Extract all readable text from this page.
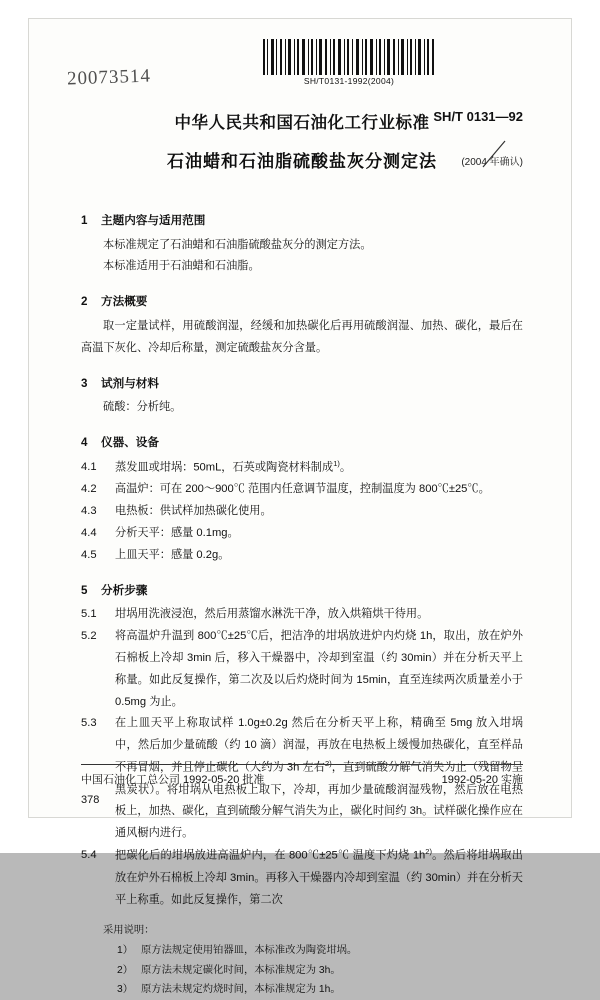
SH/T0131-1992(2004)
20073514
中华人民共和国石油化工行业标准 SH/T 0131—92
石油蜡和石油脂硫酸盐灰分测定法	(2004 年确认)
1 主题内容与适用范围

本标准规定了石油蜡和石油脂硫酸盐灰分的测定方法。

本标准适用于石油蜡和石油脂。

2 方法概要

取一定量试样，用硫酸润湿，经缓和加热碳化后再用硫酸润湿、加热、碳化，最后在高温下灰化、冷却后称量，测定硫酸盐灰分含量。

3 试剂与材料

硫酸：分析纯。

4 仪器、设备
4.1	蒸发皿或坩埚：50mL，石英或陶瓷材料制成$^{1)}$。
4.2	高温炉：可在 200～900℃ 范围内任意调节温度，控制温度为 800℃±25℃。
4.3	电热板：供试样加热碳化使用。
4.4	分析天平：感量 0.1mg。
4.5	上皿天平：感量 0.2g。
5 分析步骤
5.1	坩埚用洗液浸泡，然后用蒸馏水淋洗干净，放入烘箱烘干待用。
5.2	将高温炉升温到 800℃±25℃后，把洁净的坩埚放进炉内灼烧 1h，取出，放在炉外石棉板上冷却 3min 后，移入干燥器中，冷却到室温（约 30min）并在分析天平上称量。如此反复操作，第二次及以后灼烧时间为 15min，直至连续两次质量差小于 0.5mg 为止。
5.3	在上皿天平上称取试样 1.0g±0.2g 然后在分析天平上称，精确至 5mg 放入坩埚中，然后加少量硫酸（约 10 滴）润湿，再放在电热板上缓慢加热碳化，直至样品不再冒烟，并且停止碳化（大约为 3h 左右$^{2)}$，直到硫酸分解气消失为止（残留物呈黑炭状）。将坩埚从电热板上取下，冷却，再加少量硫酸润湿残物，然后放在电热板上，加热、碳化，直到硫酸分解气消失为止，碳化时间约 3h。试样碳化操作应在通风橱内进行。
5.4	把碳化后的坩埚放进高温炉内，在 800℃±25℃ 温度下灼烧 $1h^{2)}$。然后将坩埚取出放在炉外石棉板上冷却 3min。再移入干燥器内冷却到室温（约 30min）并在分析天平上称重。如此反复操作，第二次
采用说明：
1） 原方法规定使用铂器皿，本标准改为陶瓷坩埚。
2） 原方法未规定碳化时间，本标准规定为 3h。
3） 原方法未规定灼烧时间，本标准规定为 1h。
中国石油化工总公司 1992-05-20 批准	1992-05-20 实施
378
